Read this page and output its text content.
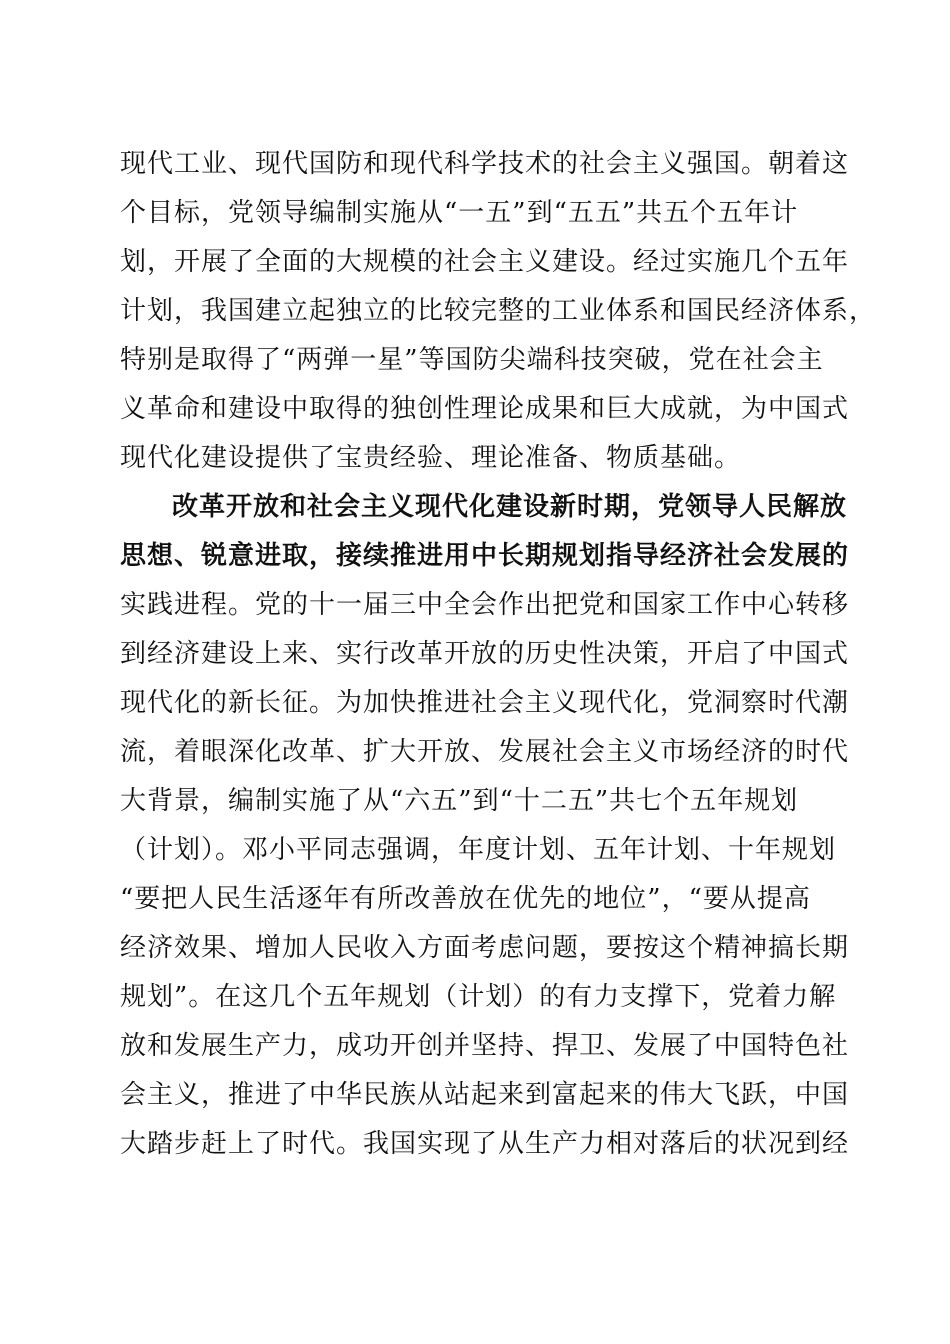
现代工业、现代国防和现代科学技术的社会主义强国。朝着这
个目标，党领导编制实施从“一五”到“五五”共五个五年计
划，开展了全面的大规模的社会主义建设。经过实施几个五年
计划，我国建立起独立的比较完整的工业体系和国民经济体系，
特别是取得了“两弹一星”等国防尖端科技突破，党在社会主
义革命和建设中取得的独创性理论成果和巨大成就，为中国式
现代化建设提供了宝贵经验、理论准备、物质基础。
改革开放和社会主义现代化建设新时期，党领导人民解放
思想、锐意进取，接续推进用中长期规划指导经济社会发展的
实践进程。党的十一届三中全会作出把党和国家工作中心转移
到经济建设上来、实行改革开放的历史性决策，开启了中国式
现代化的新长征。为加快推进社会主义现代化，党洞察时代潮
流，着眼深化改革、扩大开放、发展社会主义市场经济的时代
大背景，编制实施了从“六五”到“十二五”共七个五年规划
（计划）。邓小平同志强调，年度计划、五年计划、十年规划
“要把人民生活逐年有所改善放在优先的地位”，“要从提高
经济效果、增加人民收入方面考虑问题，要按这个精神搞长期
规划”。在这几个五年规划（计划）的有力支撑下，党着力解
放和发展生产力，成功开创并坚持、捍卫、发展了中国特色社
会主义，推进了中华民族从站起来到富起来的伟大飞跃，中国
大踏步赶上了时代。我国实现了从生产力相对落后的状况到经
